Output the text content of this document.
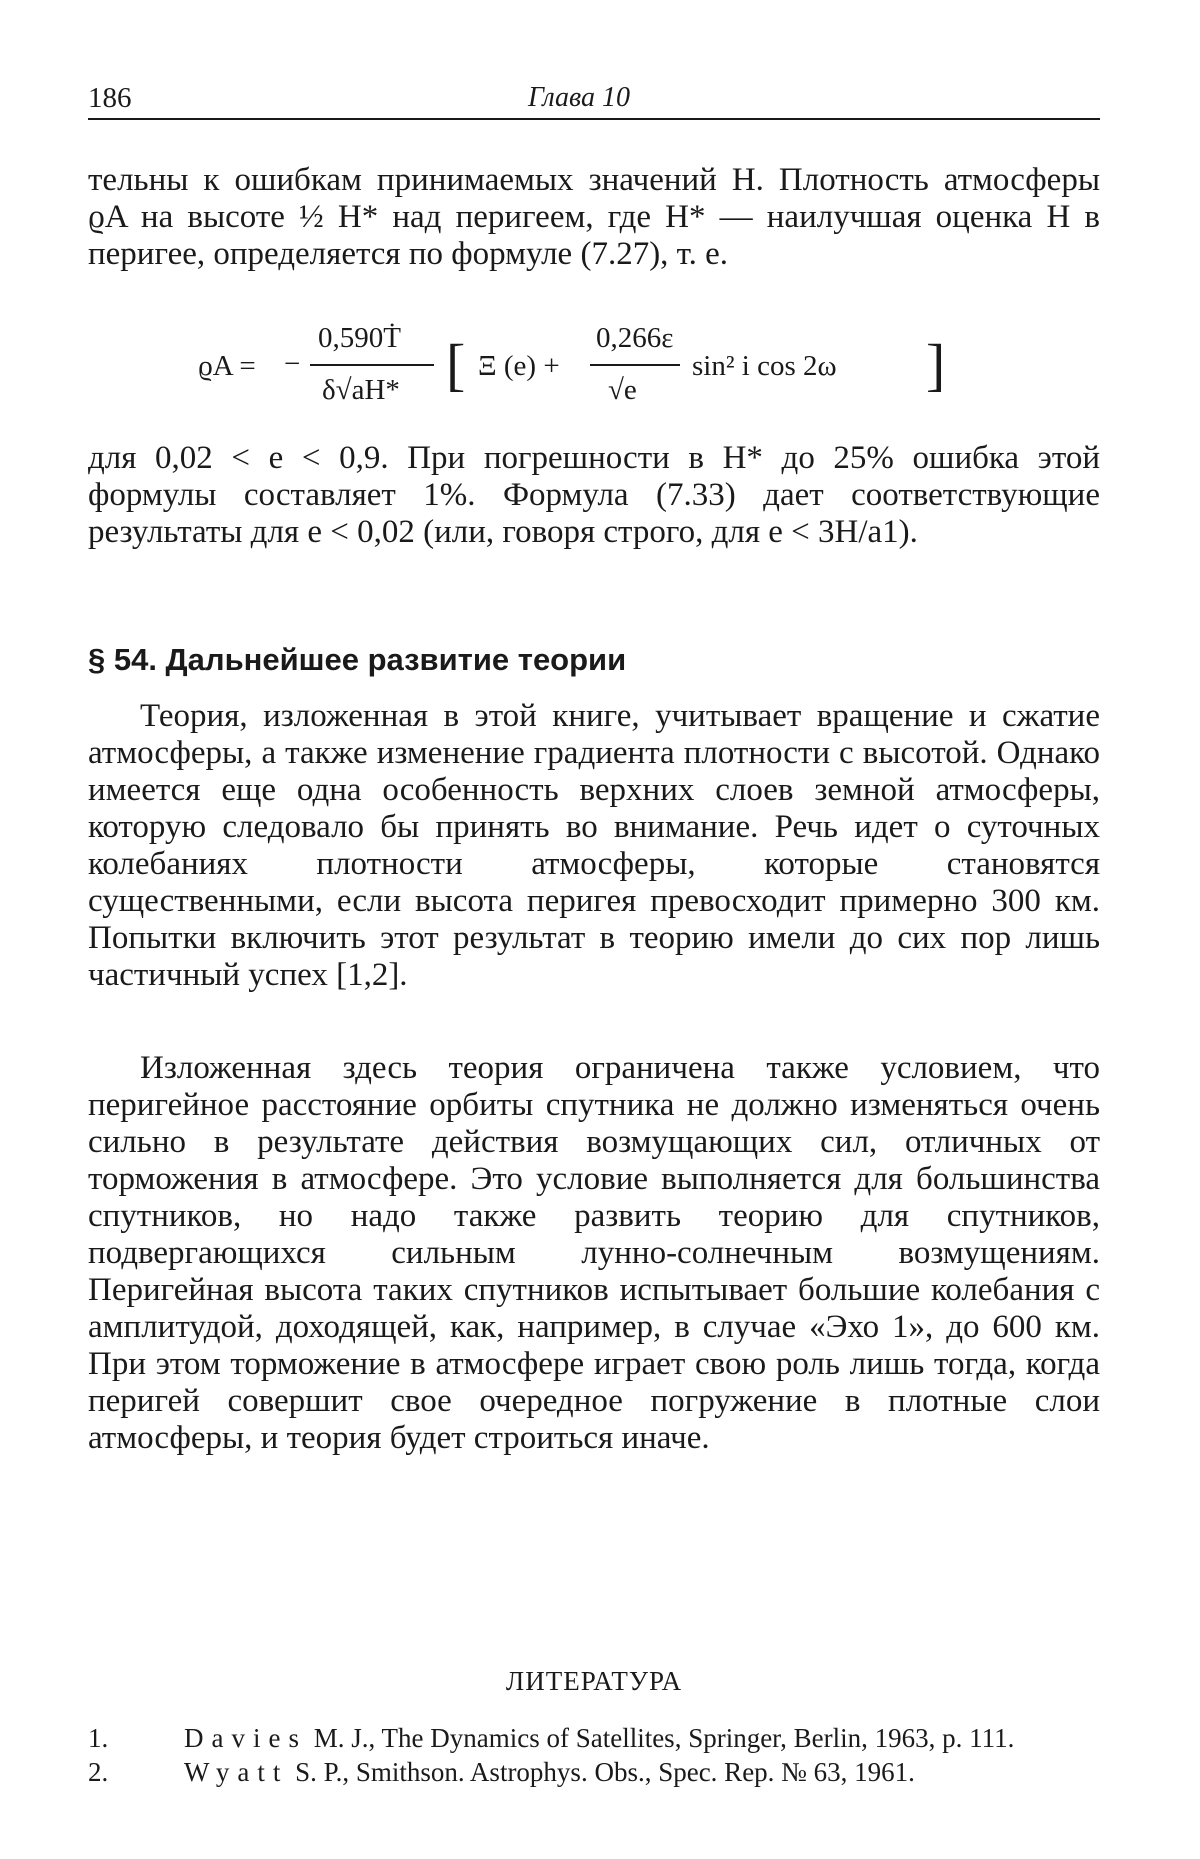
186	Глава 10

тельны к ошибкам принимаемых значений H. Плотность атмосферы ϱA на высоте ½ H* над перигеем, где H* — наилучшая оценка H в перигее, определяется по формуле (7.27), т. е.

ϱA = −
0,590Ṫ
δ√aH* [ Ξ (e) +
0,266ε
√e
sin² i cos 2ω ]

для 0,02 < e < 0,9. При погрешности в H* до 25% ошибка этой формулы составляет 1%. Формула (7.33) дает соответствующие результаты для e < 0,02 (или, говоря строго, для e < 3H/a1).

§ 54. Дальнейшее развитие теории

Теория, изложенная в этой книге, учитывает вращение и сжатие атмосферы, а также изменение градиента плотности с высотой. Однако имеется еще одна особенность верхних слоев земной атмосферы, которую следовало бы принять во внимание. Речь идет о суточных колебаниях плотности атмосферы, которые становятся существенными, если высота перигея превосходит примерно 300 км. Попытки включить этот результат в теорию имели до сих пор лишь частичный успех [1,2].

Изложенная здесь теория ограничена также условием, что перигейное расстояние орбиты спутника не должно изменяться очень сильно в результате действия возмущающих сил, отличных от торможения в атмосфере. Это условие выполняется для большинства спутников, но надо также развить теорию для спутников, подвергающихся сильным лунно-солнечным возмущениям. Перигейная высота таких спутников испытывает большие колебания с амплитудой, доходящей, как, например, в случае «Эхо 1», до 600 км. При этом торможение в атмосфере играет свою роль лишь тогда, когда перигей совершит свое очередное погружение в плотные слои атмосферы, и теория будет строиться иначе.

ЛИТЕРАТУРА
1.	Davies M. J., The Dynamics of Satellites, Springer, Berlin, 1963, p. 111.
2.	Wyatt S. P., Smithson. Astrophys. Obs., Spec. Rep. № 63, 1961.
